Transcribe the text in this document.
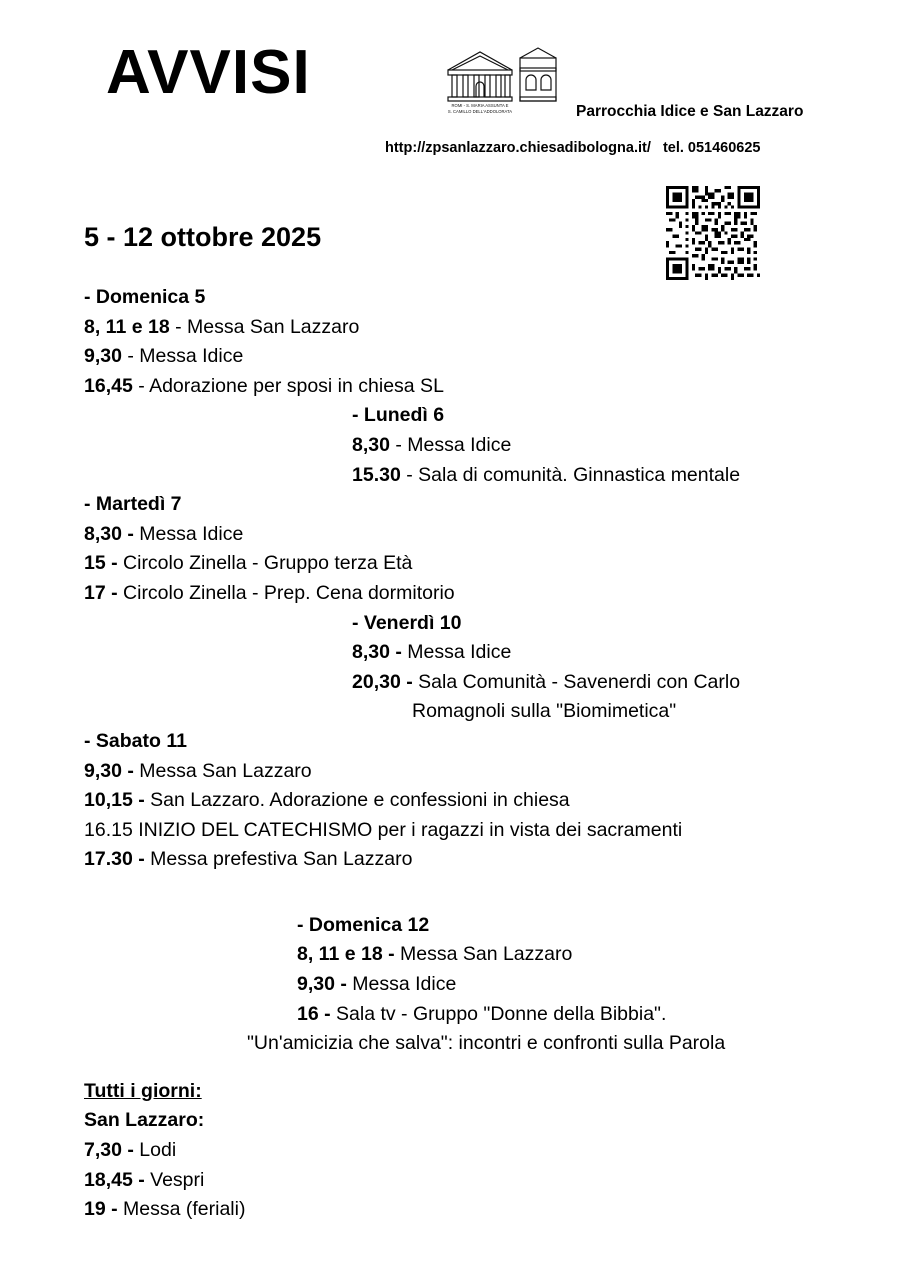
AVVISI	ROMI - S. MARIA ASSUNTA E
S. CAMILLO DELL'ADDOLORATA	Parrocchia Idice e San Lazzaro
http://zpsanlazzaro.chiesadibologna.it/   tel. 051460625
5 - 12 ottobre 2025
- Domenica 5
8, 11 e 18 - Messa San Lazzaro
9,30 - Messa Idice
16,45 - Adorazione per sposi in chiesa SL
- Lunedì 6
8,30 - Messa Idice
15.30 - Sala di comunità. Ginnastica mentale
- Martedì 7
8,30 - Messa Idice
15 - Circolo Zinella - Gruppo terza Età
17 - Circolo Zinella - Prep. Cena dormitorio
- Venerdì 10
8,30 - Messa Idice
20,30 - Sala Comunità - Savenerdi con Carlo
Romagnoli sulla "Biomimetica"
- Sabato 11
9,30 - Messa San Lazzaro
10,15 - San Lazzaro. Adorazione e confessioni in chiesa
16.15 INIZIO DEL CATECHISMO per i ragazzi in vista dei sacramenti
17.30 - Messa prefestiva San Lazzaro
- Domenica 12
8, 11 e 18 - Messa San Lazzaro
9,30 - Messa Idice
16 - Sala tv - Gruppo "Donne della Bibbia".
"Un'amicizia che salva": incontri e confronti sulla Parola
Tutti i giorni:
San Lazzaro:
7,30 - Lodi
18,45 - Vespri
19 - Messa (feriali)
